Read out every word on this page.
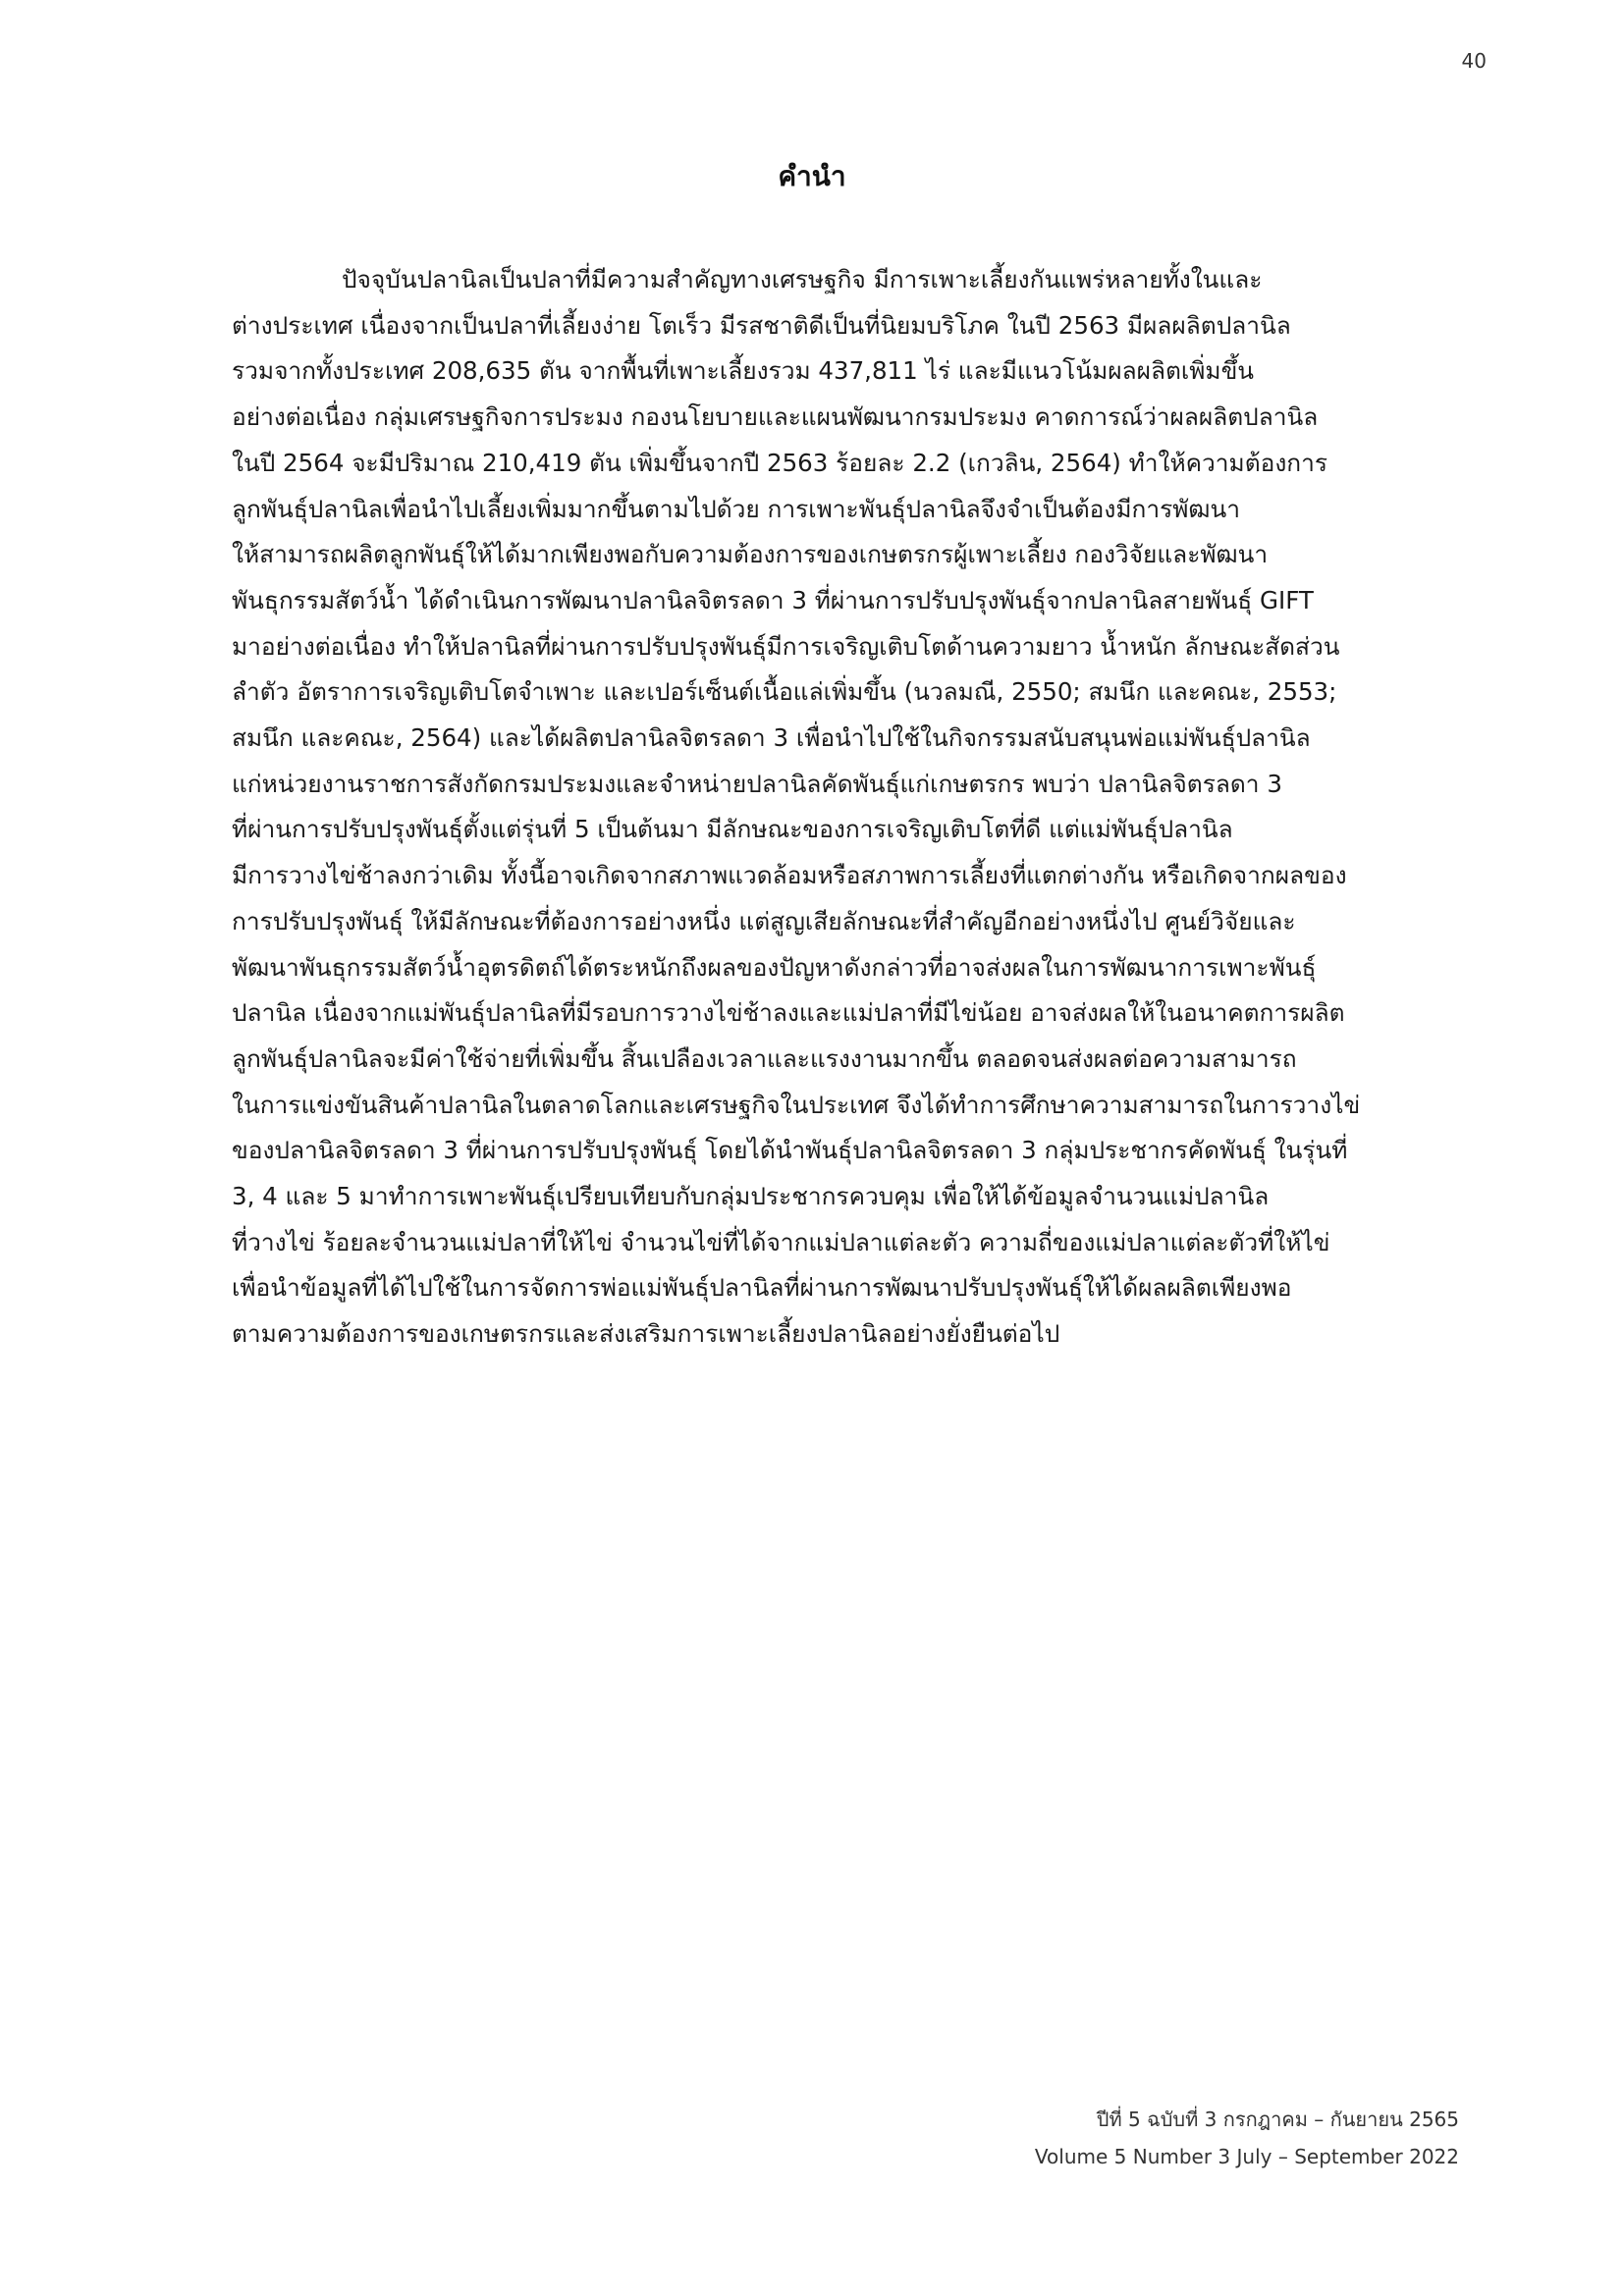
40
คำนำ
ปัจจุบันปลานิลเป็นปลาที่มีความสำคัญทางเศรษฐกิจ มีการเพาะเลี้ยงกันแพร่หลายทั้งในและ
ต่างประเทศ เนื่องจากเป็นปลาที่เลี้ยงง่าย โตเร็ว มีรสชาติดีเป็นที่นิยมบริโภค ในปี 2563 มีผลผลิตปลานิล
รวมจากทั้งประเทศ 208,635 ตัน จากพื้นที่เพาะเลี้ยงรวม 437,811 ไร่ และมีแนวโน้มผลผลิตเพิ่มขึ้น
อย่างต่อเนื่อง กลุ่มเศรษฐกิจการประมง กองนโยบายและแผนพัฒนากรมประมง คาดการณ์ว่าผลผลิตปลานิล
ในปี 2564 จะมีปริมาณ 210,419 ตัน เพิ่มขึ้นจากปี 2563 ร้อยละ 2.2 (เกวลิน, 2564) ทำให้ความต้องการ
ลูกพันธุ์ปลานิลเพื่อนำไปเลี้ยงเพิ่มมากขึ้นตามไปด้วย การเพาะพันธุ์ปลานิลจึงจำเป็นต้องมีการพัฒนา
ให้สามารถผลิตลูกพันธุ์ให้ได้มากเพียงพอกับความต้องการของเกษตรกรผู้เพาะเลี้ยง กองวิจัยและพัฒนา
พันธุกรรมสัตว์น้ำ ได้ดำเนินการพัฒนาปลานิลจิตรลดา 3 ที่ผ่านการปรับปรุงพันธุ์จากปลานิลสายพันธุ์ GIFT
มาอย่างต่อเนื่อง ทำให้ปลานิลที่ผ่านการปรับปรุงพันธุ์มีการเจริญเติบโตด้านความยาว น้ำหนัก ลักษณะสัดส่วน
ลำตัว อัตราการเจริญเติบโตจำเพาะ และเปอร์เซ็นต์เนื้อแล่เพิ่มขึ้น (นวลมณี, 2550; สมนึก และคณะ, 2553;
สมนึก และคณะ, 2564) และได้ผลิตปลานิลจิตรลดา 3 เพื่อนำไปใช้ในกิจกรรมสนับสนุนพ่อแม่พันธุ์ปลานิล
แก่หน่วยงานราชการสังกัดกรมประมงและจำหน่ายปลานิลคัดพันธุ์แก่เกษตรกร พบว่า ปลานิลจิตรลดา 3
ที่ผ่านการปรับปรุงพันธุ์ตั้งแต่รุ่นที่ 5 เป็นต้นมา มีลักษณะของการเจริญเติบโตที่ดี แต่แม่พันธุ์ปลานิล
มีการวางไข่ช้าลงกว่าเดิม ทั้งนี้อาจเกิดจากสภาพแวดล้อมหรือสภาพการเลี้ยงที่แตกต่างกัน หรือเกิดจากผลของ
การปรับปรุงพันธุ์ ให้มีลักษณะที่ต้องการอย่างหนึ่ง แต่สูญเสียลักษณะที่สำคัญอีกอย่างหนึ่งไป ศูนย์วิจัยและ
พัฒนาพันธุกรรมสัตว์น้ำอุตรดิตถ์ได้ตระหนักถึงผลของปัญหาดังกล่าวที่อาจส่งผลในการพัฒนาการเพาะพันธุ์
ปลานิล เนื่องจากแม่พันธุ์ปลานิลที่มีรอบการวางไข่ช้าลงและแม่ปลาที่มีไข่น้อย อาจส่งผลให้ในอนาคตการผลิต
ลูกพันธุ์ปลานิลจะมีค่าใช้จ่ายที่เพิ่มขึ้น สิ้นเปลืองเวลาและแรงงานมากขึ้น ตลอดจนส่งผลต่อความสามารถ
ในการแข่งขันสินค้าปลานิลในตลาดโลกและเศรษฐกิจในประเทศ จึงได้ทำการศึกษาความสามารถในการวางไข่
ของปลานิลจิตรลดา 3 ที่ผ่านการปรับปรุงพันธุ์ โดยได้นำพันธุ์ปลานิลจิตรลดา 3 กลุ่มประชากรคัดพันธุ์ ในรุ่นที่
3, 4 และ 5 มาทำการเพาะพันธุ์เปรียบเทียบกับกลุ่มประชากรควบคุม เพื่อให้ได้ข้อมูลจำนวนแม่ปลานิล
ที่วางไข่ ร้อยละจำนวนแม่ปลาที่ให้ไข่ จำนวนไข่ที่ได้จากแม่ปลาแต่ละตัว ความถี่ของแม่ปลาแต่ละตัวที่ให้ไข่
เพื่อนำข้อมูลที่ได้ไปใช้ในการจัดการพ่อแม่พันธุ์ปลานิลที่ผ่านการพัฒนาปรับปรุงพันธุ์ให้ได้ผลผลิตเพียงพอ
ตามความต้องการของเกษตรกรและส่งเสริมการเพาะเลี้ยงปลานิลอย่างยั่งยืนต่อไป
ปีที่ 5 ฉบับที่ 3 กรกฎาคม – กันยายน 2565
Volume 5 Number 3 July – September 2022
